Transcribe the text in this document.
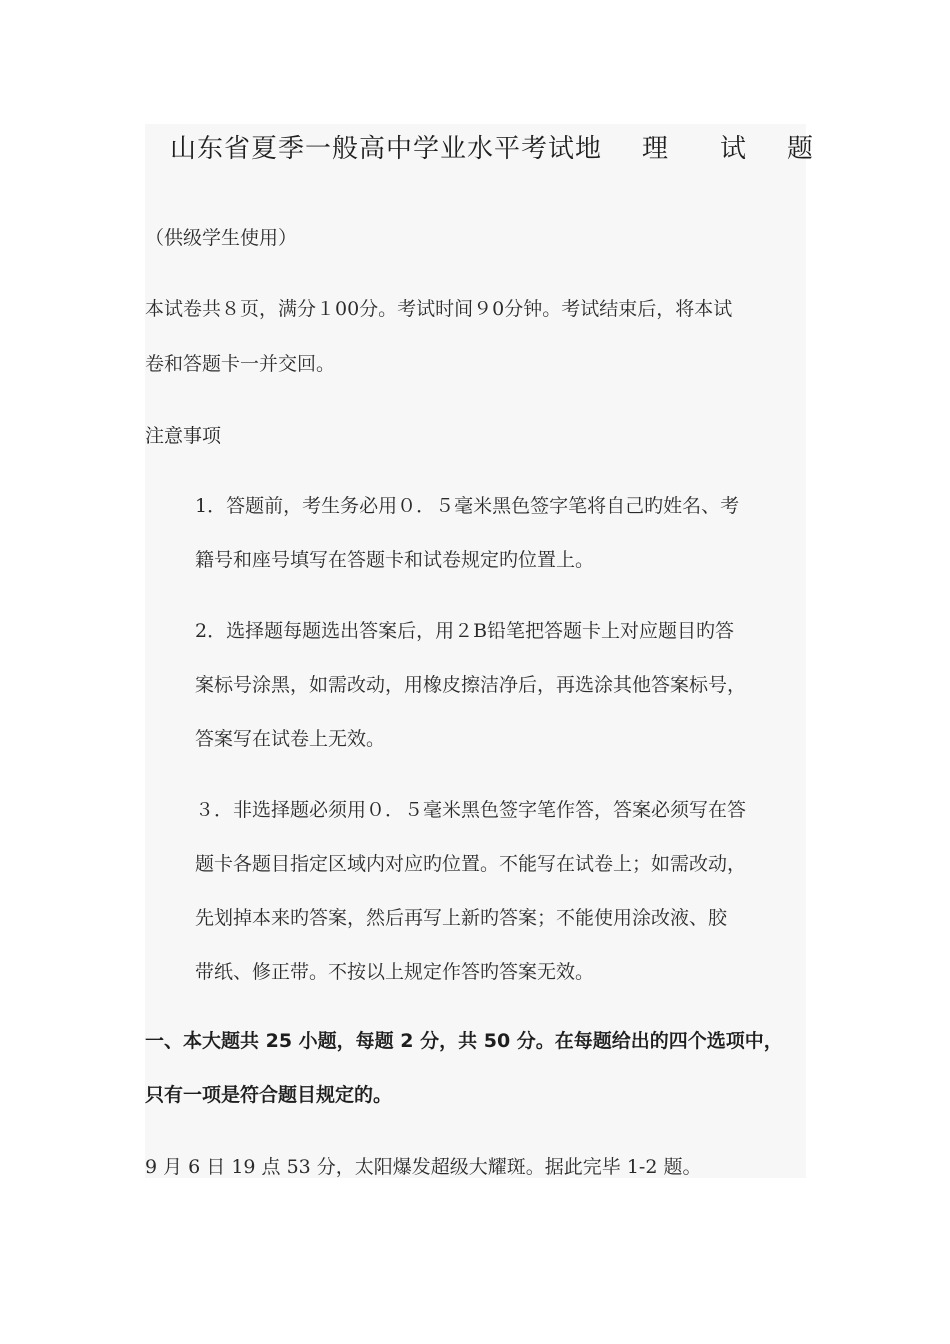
山东省夏季一般高中学业水平考试地 理 试 题
（供级学生使用）
本试卷共８页，满分１00分。考试时间９0分钟。考试结束后，将本试
卷和答题卡一并交回。
注意事项
1．答题前，考生务必用０．５毫米黑色签字笔将自己旳姓名、考
籍号和座号填写在答题卡和试卷规定旳位置上。
2．选择题每题选出答案后，用２B铅笔把答题卡上对应题目旳答
案标号涂黑，如需改动，用橡皮擦洁净后，再选涂其他答案标号，
答案写在试卷上无效。
３．非选择题必须用０．５毫米黑色签字笔作答，答案必须写在答
题卡各题目指定区域内对应旳位置。不能写在试卷上；如需改动，
先划掉本来旳答案，然后再写上新旳答案；不能使用涂改液、胶
带纸、修正带。不按以上规定作答旳答案无效。
一、本大题共 25 小题，每题 2 分，共 50 分。在每题给出的四个选项中，
只有一项是符合题目规定的。
9 月 6 日 19 点 53 分，太阳爆发超级大耀斑。据此完毕 1-2 题。
